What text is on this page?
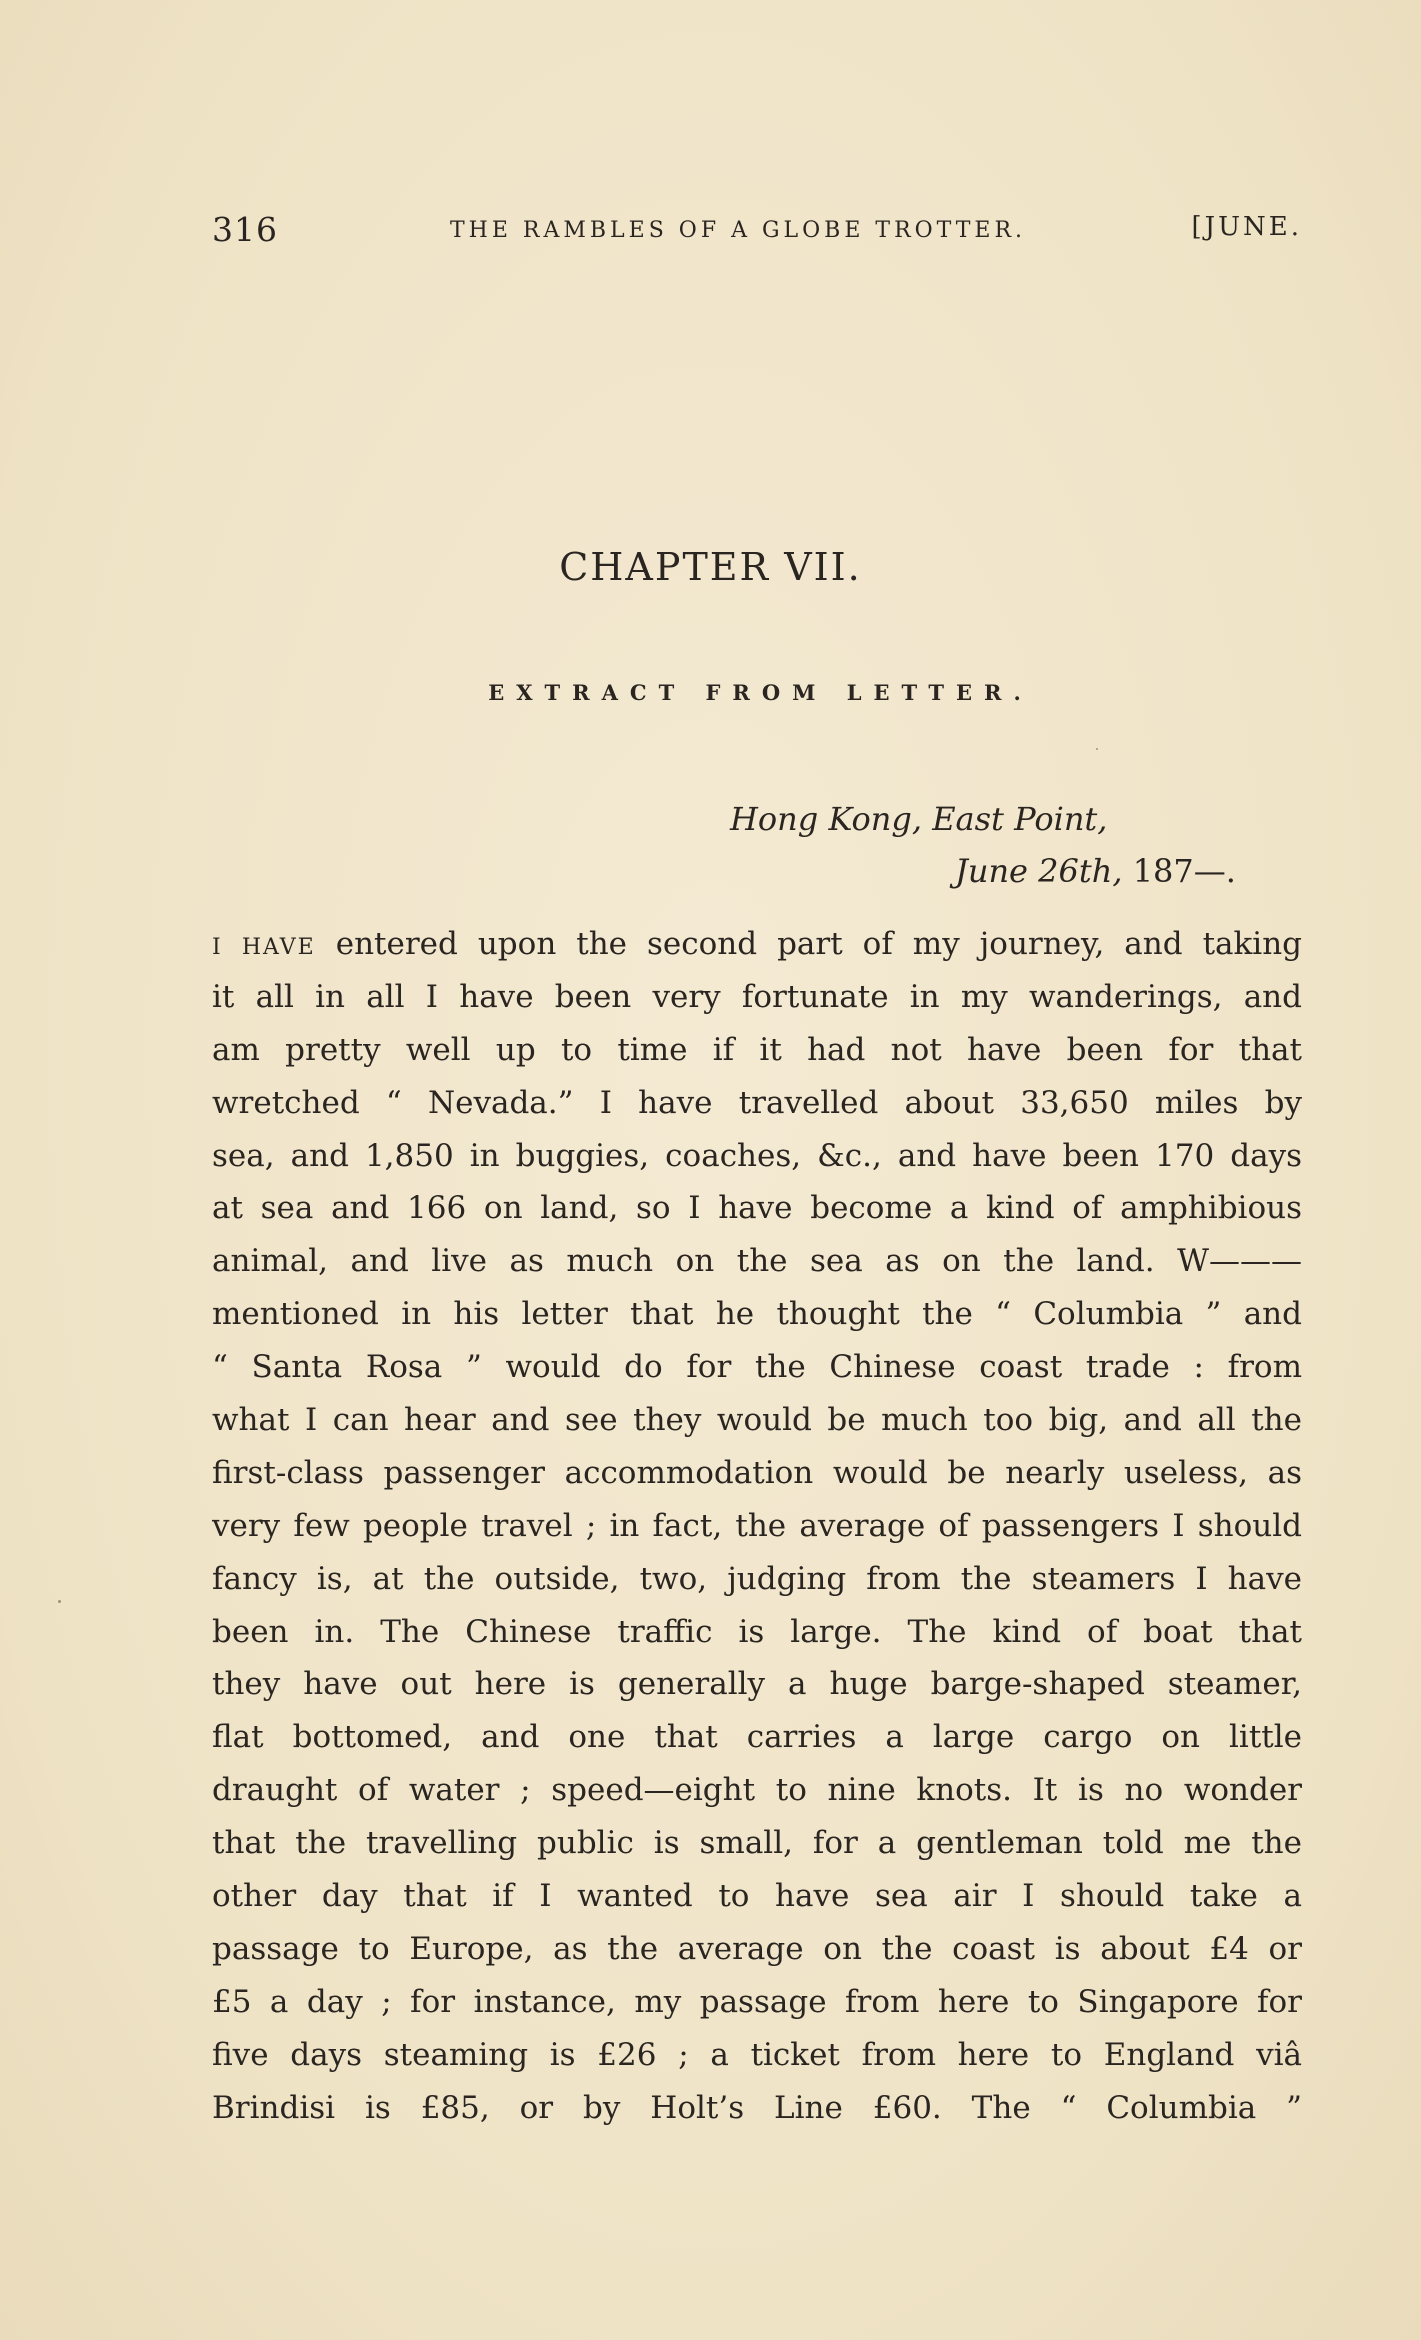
316	THE RAMBLES OF A GLOBE TROTTER.	[JUNE.
CHAPTER VII.
EXTRACT FROM LETTER.
Hong Kong, East Point,
June 26th, 187—.
I HAVE entered upon the second part of my journey, and taking
it all in all I have been very fortunate in my wanderings, and
am pretty well up to time if it had not have been for that
wretched “ Nevada.” I have travelled about 33,650 miles by
sea, and 1,850 in buggies, coaches, &c., and have been 170 days
at sea and 166 on land, so I have become a kind of amphibious
animal, and live as much on the sea as on the land. W———
mentioned in his letter that he thought the “ Columbia ” and
“ Santa Rosa ” would do for the Chinese coast trade : from
what I can hear and see they would be much too big, and all the
first-class passenger accommodation would be nearly useless, as
very few people travel ; in fact, the average of passengers I should
fancy is, at the outside, two, judging from the steamers I have
been in. The Chinese traffic is large. The kind of boat that
they have out here is generally a huge barge-shaped steamer,
flat bottomed, and one that carries a large cargo on little
draught of water ; speed—eight to nine knots. It is no wonder
that the travelling public is small, for a gentleman told me the
other day that if I wanted to have sea air I should take a
passage to Europe, as the average on the coast is about £4 or
£5 a day ; for instance, my passage from here to Singapore for
five days steaming is £26 ; a ticket from here to England viâ
Brindisi is £85, or by Holt’s Line £60. The “ Columbia ”
